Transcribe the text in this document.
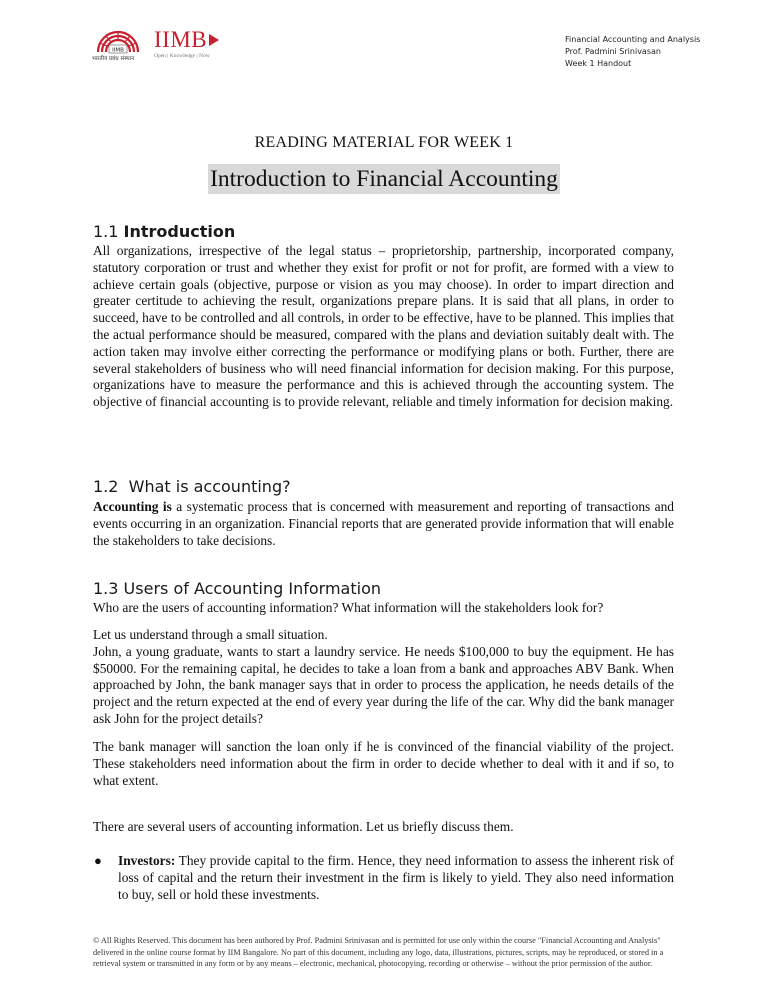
IIMB
भारतीय प्रबंध संस्थान
IIMB
Open | Knowledge | Now
Financial Accounting and Analysis
Prof. Padmini Srinivasan
Week 1 Handout
READING MATERIAL FOR WEEK 1
Introduction to Financial Accounting
1.1 Introduction

All organizations, irrespective of the legal status – proprietorship, partnership, incorporated company, statutory corporation or trust and whether they exist for profit or not for profit, are formed with a view to achieve certain goals (objective, purpose or vision as you may choose). In order to impart direction and greater certitude to achieving the result, organizations prepare plans. It is said that all plans, in order to succeed, have to be controlled and all controls, in order to be effective, have to be planned. This implies that the actual performance should be measured, compared with the plans and deviation suitably dealt with. The action taken may involve either correcting the performance or modifying plans or both. Further, there are several stakeholders of business who will need financial information for decision making. For this purpose, organizations have to measure the performance and this is achieved through the accounting system. The objective of financial accounting is to provide relevant, reliable and timely information for decision making.

1.2 What is accounting?

Accounting is a systematic process that is concerned with measurement and reporting of transactions and events occurring in an organization. Financial reports that are generated provide information that will enable the stakeholders to take decisions.

1.3 Users of Accounting Information

Who are the users of accounting information? What information will the stakeholders look for?

Let us understand through a small situation.

John, a young graduate, wants to start a laundry service. He needs $100,000 to buy the equipment. He has $50000. For the remaining capital, he decides to take a loan from a bank and approaches ABV Bank. When approached by John, the bank manager says that in order to process the application, he needs details of the project and the return expected at the end of every year during the life of the car. Why did the bank manager ask John for the project details?

The bank manager will sanction the loan only if he is convinced of the financial viability of the project. These stakeholders need information about the firm in order to decide whether to deal with it and if so, to what extent.

There are several users of accounting information. Let us briefly discuss them.

● Investors: They provide capital to the firm. Hence, they need information to assess the inherent risk of loss of capital and the return their investment in the firm is likely to yield. They also need information to buy, sell or hold these investments.

© All Rights Reserved. This document has been authored by Prof. Padmini Srinivasan and is permitted for use only within the course "Financial Accounting and Analysis" delivered in the online course format by IIM Bangalore. No part of this document, including any logo, data, illustrations, pictures, scripts, may be reproduced, or stored in a retrieval system or transmitted in any form or by any means – electronic, mechanical, photocopying, recording or otherwise – without the prior permission of the author.
